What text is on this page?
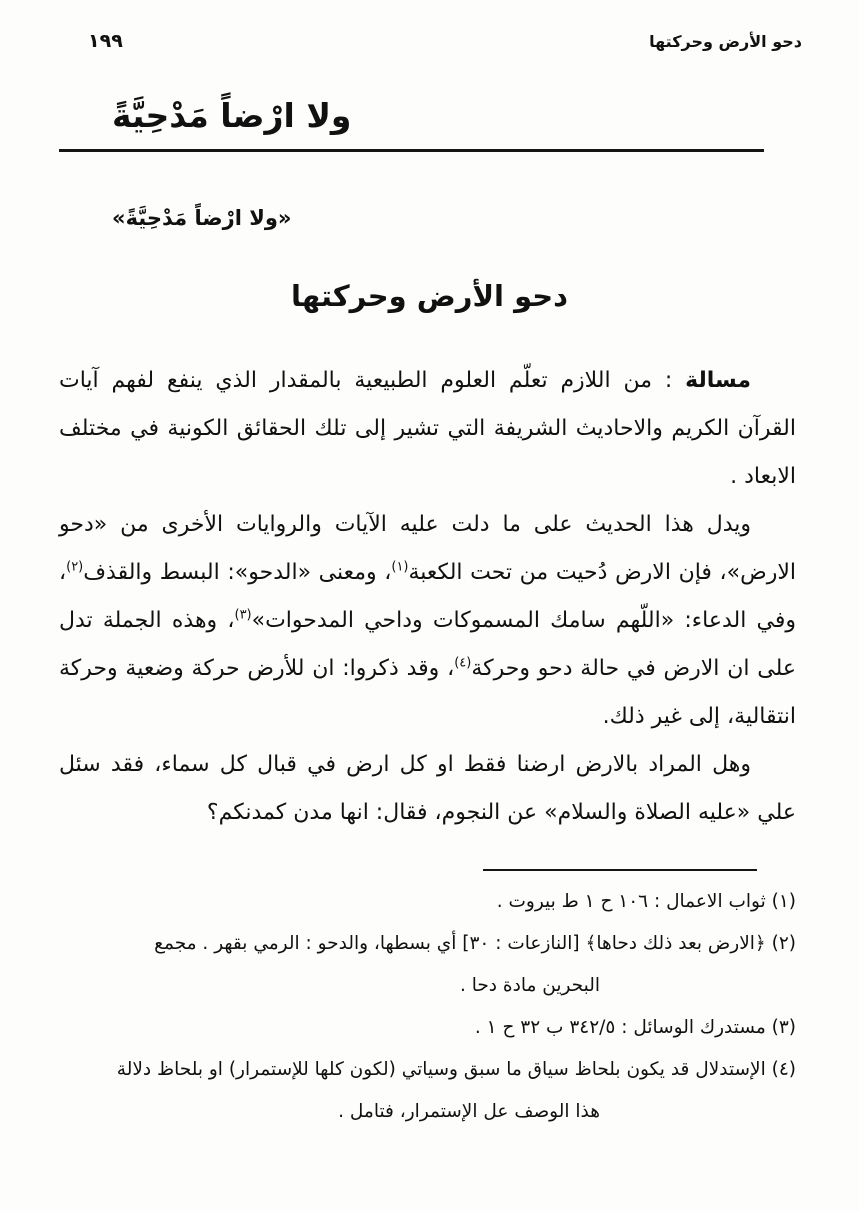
١٩٩	دحو الأرض وحركتها
ولا ارْضاً مَدْحِيَّةً
«ولا ارْضاً مَدْحِيَّةً»
دحو الأرض وحركتها

مسالة : من اللازم تعلّم العلوم الطبيعية بالمقدار الذي ينفع لفهم آيات القرآن الكريم والاحاديث الشريفة التي تشير إلى تلك الحقائق الكونية في مختلف الابعاد .

ويدل هذا الحديث على ما دلت عليه الآيات والروايات الأخرى من «دحو الارض»، فإن الارض دُحيت من تحت الكعبة$^{(١)}$، ومعنى «الدحو»: البسط والقذف$^{(٢)}$، وفي الدعاء: «اللّهم سامك المسموكات وداحي المدحوات»$^{(٣)}$، وهذه الجملة تدل على ان الارض في حالة دحو وحركة$^{(٤)}$، وقد ذكروا: ان للأرض حركة وضعية وحركة انتقالية، إلى غير ذلك.

وهل المراد بالارض ارضنا فقط او كل ارض في قبال كل سماء، فقد سئل علي «عليه الصلاة والسلام» عن النجوم، فقال: انها مدن كمدنكم؟

(١) ثواب الاعمال : ١٠٦ ح ١ ط بيروت .
(٢) ﴿الارض بعد ذلك دحاها﴾ [النازعات : ٣٠] أي بسطها، والدحو : الرمي بقهر . مجمع
البحرين مادة دحا .
(٣) مستدرك الوسائل : ٣٤٢/٥ ب ٣٢ ح ١ .
(٤) الإستدلال قد يكون بلحاظ سياق ما سبق وسياتي (لكون كلها للإستمرار) او بلحاظ دلالة
هذا الوصف عل الإستمرار، فتامل .
